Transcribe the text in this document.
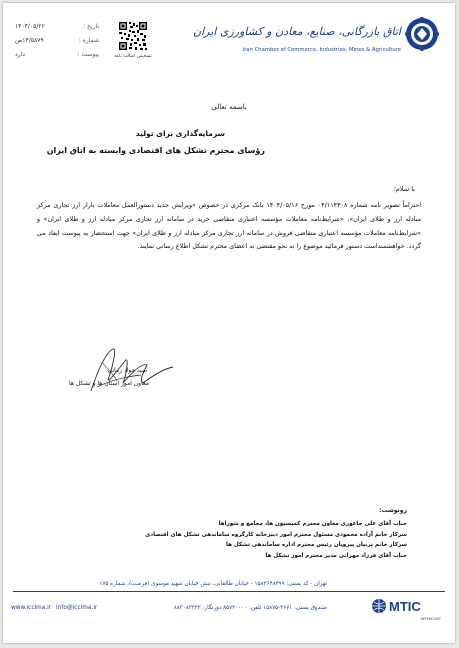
تاریخ :
۱۴۰۴/۰۵/۲۲
شماره :
۱۴/۵۸۷۹ص
پیوست :
دارد	تشخیص اصالت نامه
اتاق بازرگانی، صنایع، معادن و کشاورزی ایران
Iran Chamber of Commerce, Industries, Mines & Agriculture
باسمه تعالی
سرمایه‌گذاری برای تولید
رؤسای محترم تشکل های اقتصادی وابسته به اتاق ایران
با سلام؛
احتراماً تصویر نامه شماره ۰۴/۱۱۴۳۰۸ مورخ ۱۴۰۴/۰۵/۱۶ بانک مرکزی در خصوص «ویرایش جدید دستورالعمل معاملات بازار ارز تجاری مرکز مبادله ارز و طلای ایران»، «شرایط‌نامه معاملات مؤسسه اعتباری متقاضی خرید در سامانه ارز تجاری مرکز مبادله ارز و طلای ایران» و «شرایط‌نامه معاملات مؤسسه اعتباری متقاضی فروش در سامانه ارز تجاری مرکز مبادله ارز و طلای ایران» جهت استحضار به پیوست ایفاد می گردد. خواهشمنداست دستور فرمائید موضوع را به نحو مقتضی به اعضای محترم تشکل اطلاع رسانی نمایند.
سید جواد زمانی
معاون امور استان ها و تشکل ها
رونوشت:
جناب آقای علی جاغوری معاون محترم کمیسیون ها، مجامع و شوراها
سرکار خانم آزاده محمودی مسئول محترم امور دبیرخانه کارگروه ساماندهی تشکل های اقتصادی
سرکار خانم پرنیان پیرویان رئیس محترم اداره ساماندهی تشکل ها
جناب آقای فرزاد مهرانی مدیر محترم امور تشکل ها
تهران - کد پستی: ۱۵۸۳۶۴۸۴۹۹ - خیابان طالقانی، نبش خیابان شهید موسوی (فرصت)، شماره ۱۷۵
www.iccima.ir info@iccima.ir	صندوق پستی: ۴۶۷۱-۱۵۸۷۵ تلفن: ۸۵۷۳۰۰۰۰ دورنگار: ۸۸۳۰۸۳۳۳۳	MTIC
INTERCONT
